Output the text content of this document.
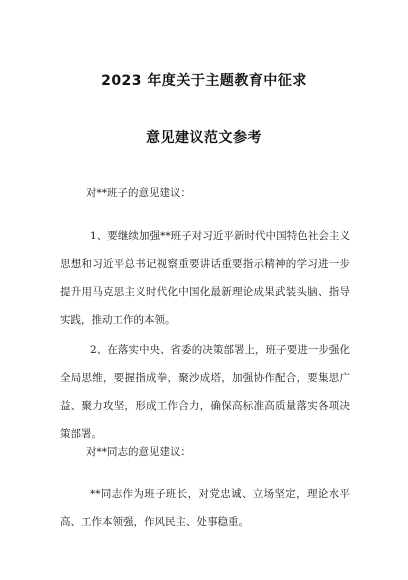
2023 年度关于主题教育中征求
意见建议范文参考
对**班子的意见建议：
1、要继续加强**班子对习近平新时代中国特色社会主义思想和习近平总书记视察重要讲话重要指示精神的学习进一步提升用马克思主义时代化中国化最新理论成果武装头脑、指导实践，推动工作的本领。
2、在落实中央、省委的决策部署上，班子要进一步强化全局思维，要握指成拳，聚沙成塔，加强协作配合，要集思广益、聚力攻坚，形成工作合力，确保高标准高质量落实各项决策部署。
对**同志的意见建议：
**同志作为班子班长，对党忠诚、立场坚定，理论水平高、工作本领强，作风民主、处事稳重。
